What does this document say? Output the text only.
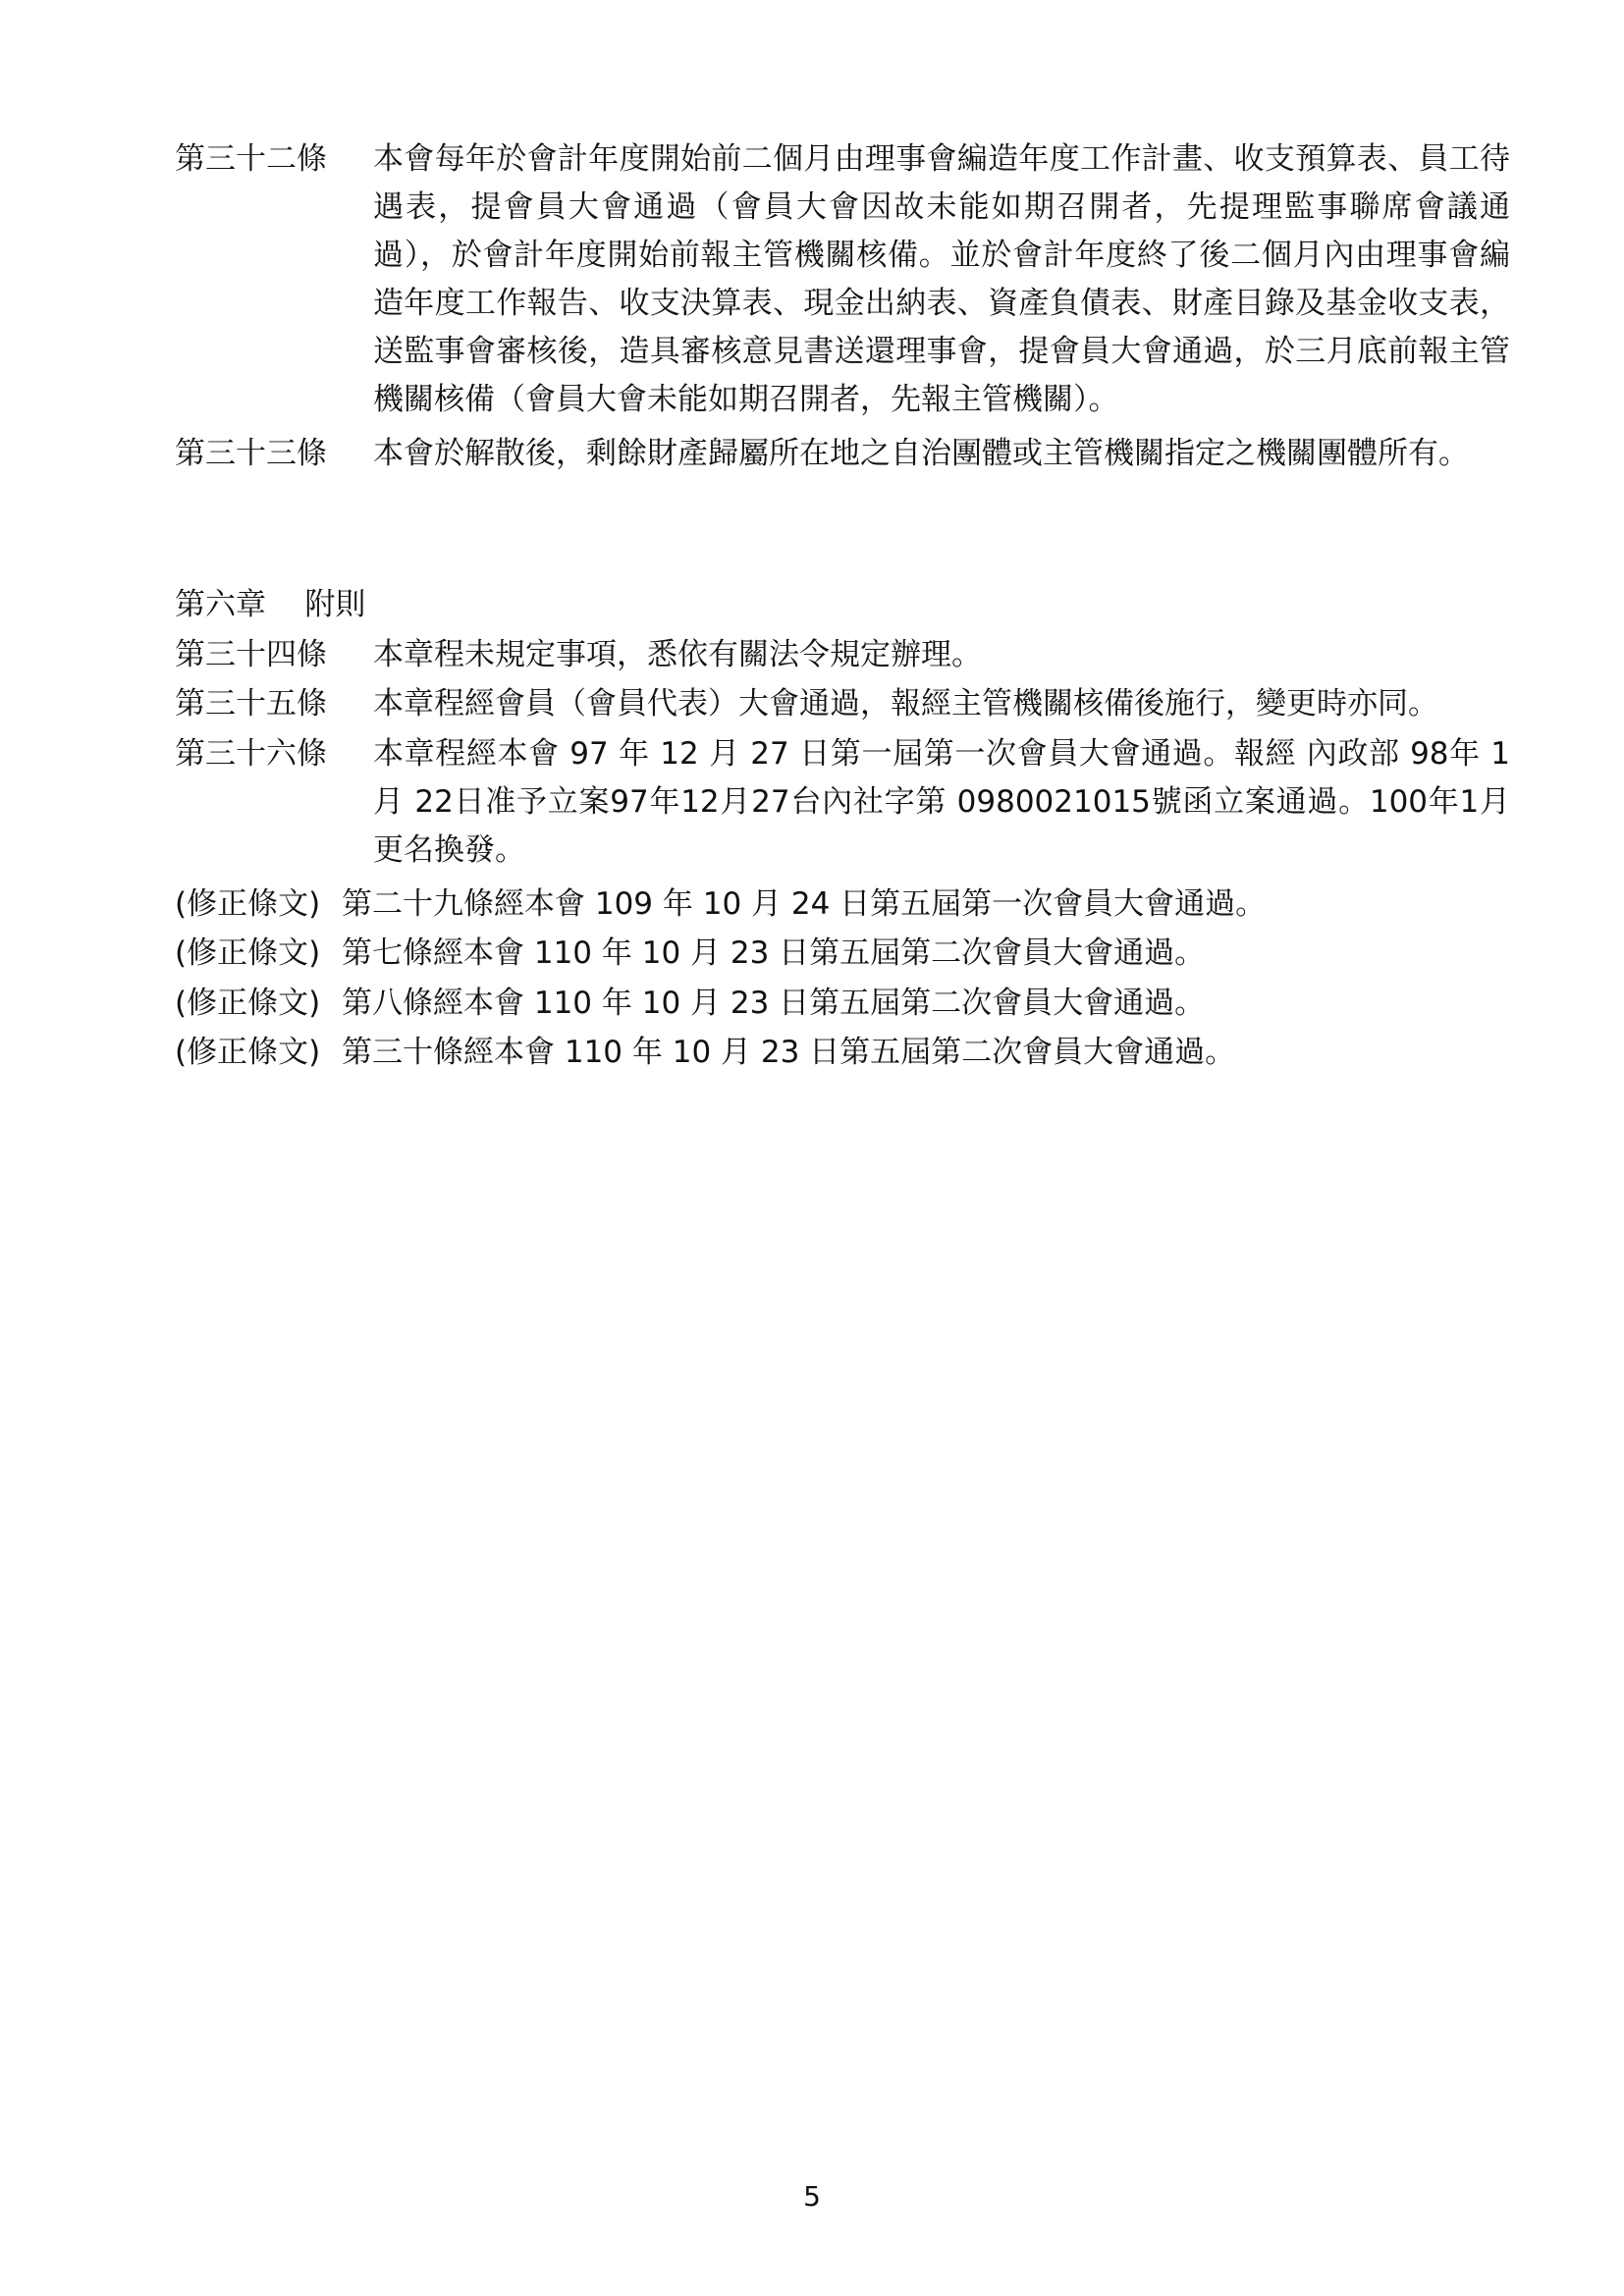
第三十二條	本會每年於會計年度開始前二個月由理事會編造年度工作計畫、收支預算表、員工待遇表，提會員大會通過（會員大會因故未能如期召開者，先提理監事聯席會議通過），於會計年度開始前報主管機關核備。並於會計年度終了後二個月內由理事會編造年度工作報告、收支決算表、現金出納表、資產負債表、財產目錄及基金收支表，送監事會審核後，造具審核意見書送還理事會，提會員大會通過，於三月底前報主管機關核備（會員大會未能如期召開者，先報主管機關）。
第三十三條	本會於解散後，剩餘財產歸屬所在地之自治團體或主管機關指定之機關團體所有。
第六章 附則
第三十四條	本章程未規定事項，悉依有關法令規定辦理。
第三十五條	本章程經會員（會員代表）大會通過，報經主管機關核備後施行，變更時亦同。
第三十六條	本章程經本會 97 年 12 月 27 日第一屆第一次會員大會通過。報經 內政部 98年 1月 22日准予立案97年12月27台內社字第 0980021015號函立案通過。100年1月更名換發。
(修正條文) 第二十九條經本會 109 年 10 月 24 日第五屆第一次會員大會通過。
(修正條文) 第七條經本會 110 年 10 月 23 日第五屆第二次會員大會通過。
(修正條文) 第八條經本會 110 年 10 月 23 日第五屆第二次會員大會通過。
(修正條文) 第三十條經本會 110 年 10 月 23 日第五屆第二次會員大會通過。
5
